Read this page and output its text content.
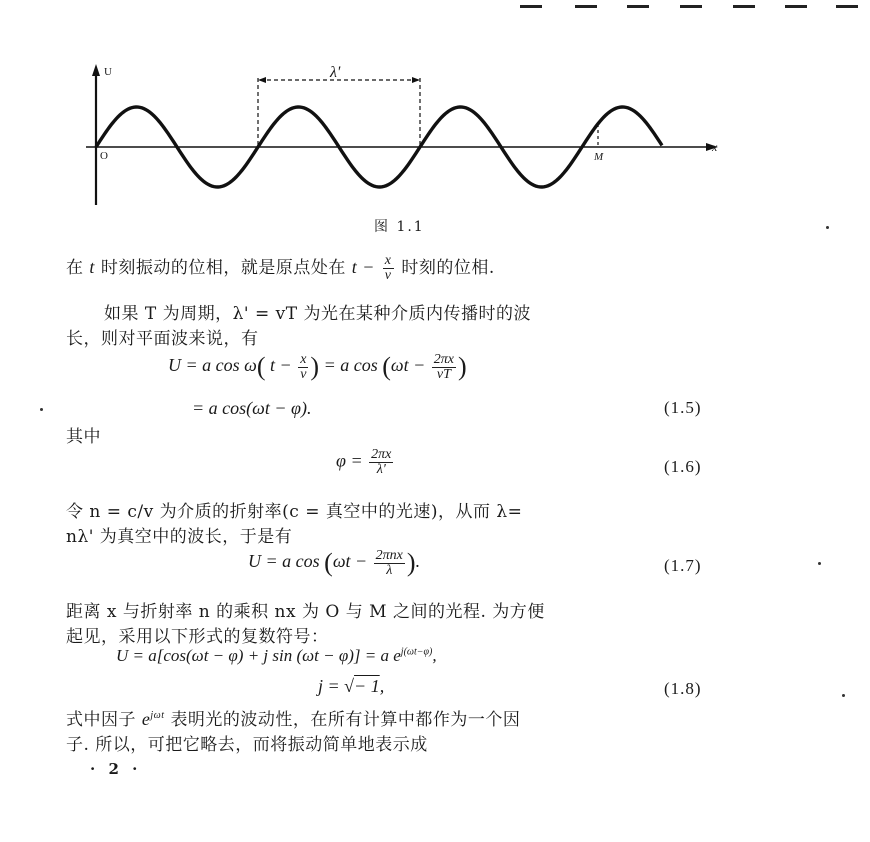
U
x
O	M
λ'
图 1.1
在 t 时刻振动的位相，就是原点处在 $t - \frac{x}{v}$ 时刻的位相.
如果 T 为周期，λ' = vT 为光在某种介质内传播时的波
长，则对平面波来说，有
U = a cos ω( $t - \frac{x}{v}$ ) = a $\cos (\omega t - \frac{2\pi x}{vT}$ )
= a cos(ωt − φ).	(1.5)
其中
$\varphi = \frac{2\pi x}{\lambda'}$	(1.6)
令 n = c/v 为介质的折射率(c = 真空中的光速)，从而 λ=
nλ' 为真空中的波长，于是有
U = a $\cos (\omega t - \frac{\text{2πnx}}{\lambda}$ ).	(1.7)
距离 x 与折射率 n 的乘积 nx 为 O 与 M 之间的光程. 为方便
起见，采用以下形式的复数符号：
U = a[cos(ωt − φ) + j sin (ωt − φ)] = a $e^{j(\omega t-\varphi)}$,
j = √− 1,	(1.8)
式中因子 $e^{j\omega t}$ 表明光的波动性，在所有计算中都作为一个因
子. 所以，可把它略去，而将振动简单地表示成
· 2 ·
